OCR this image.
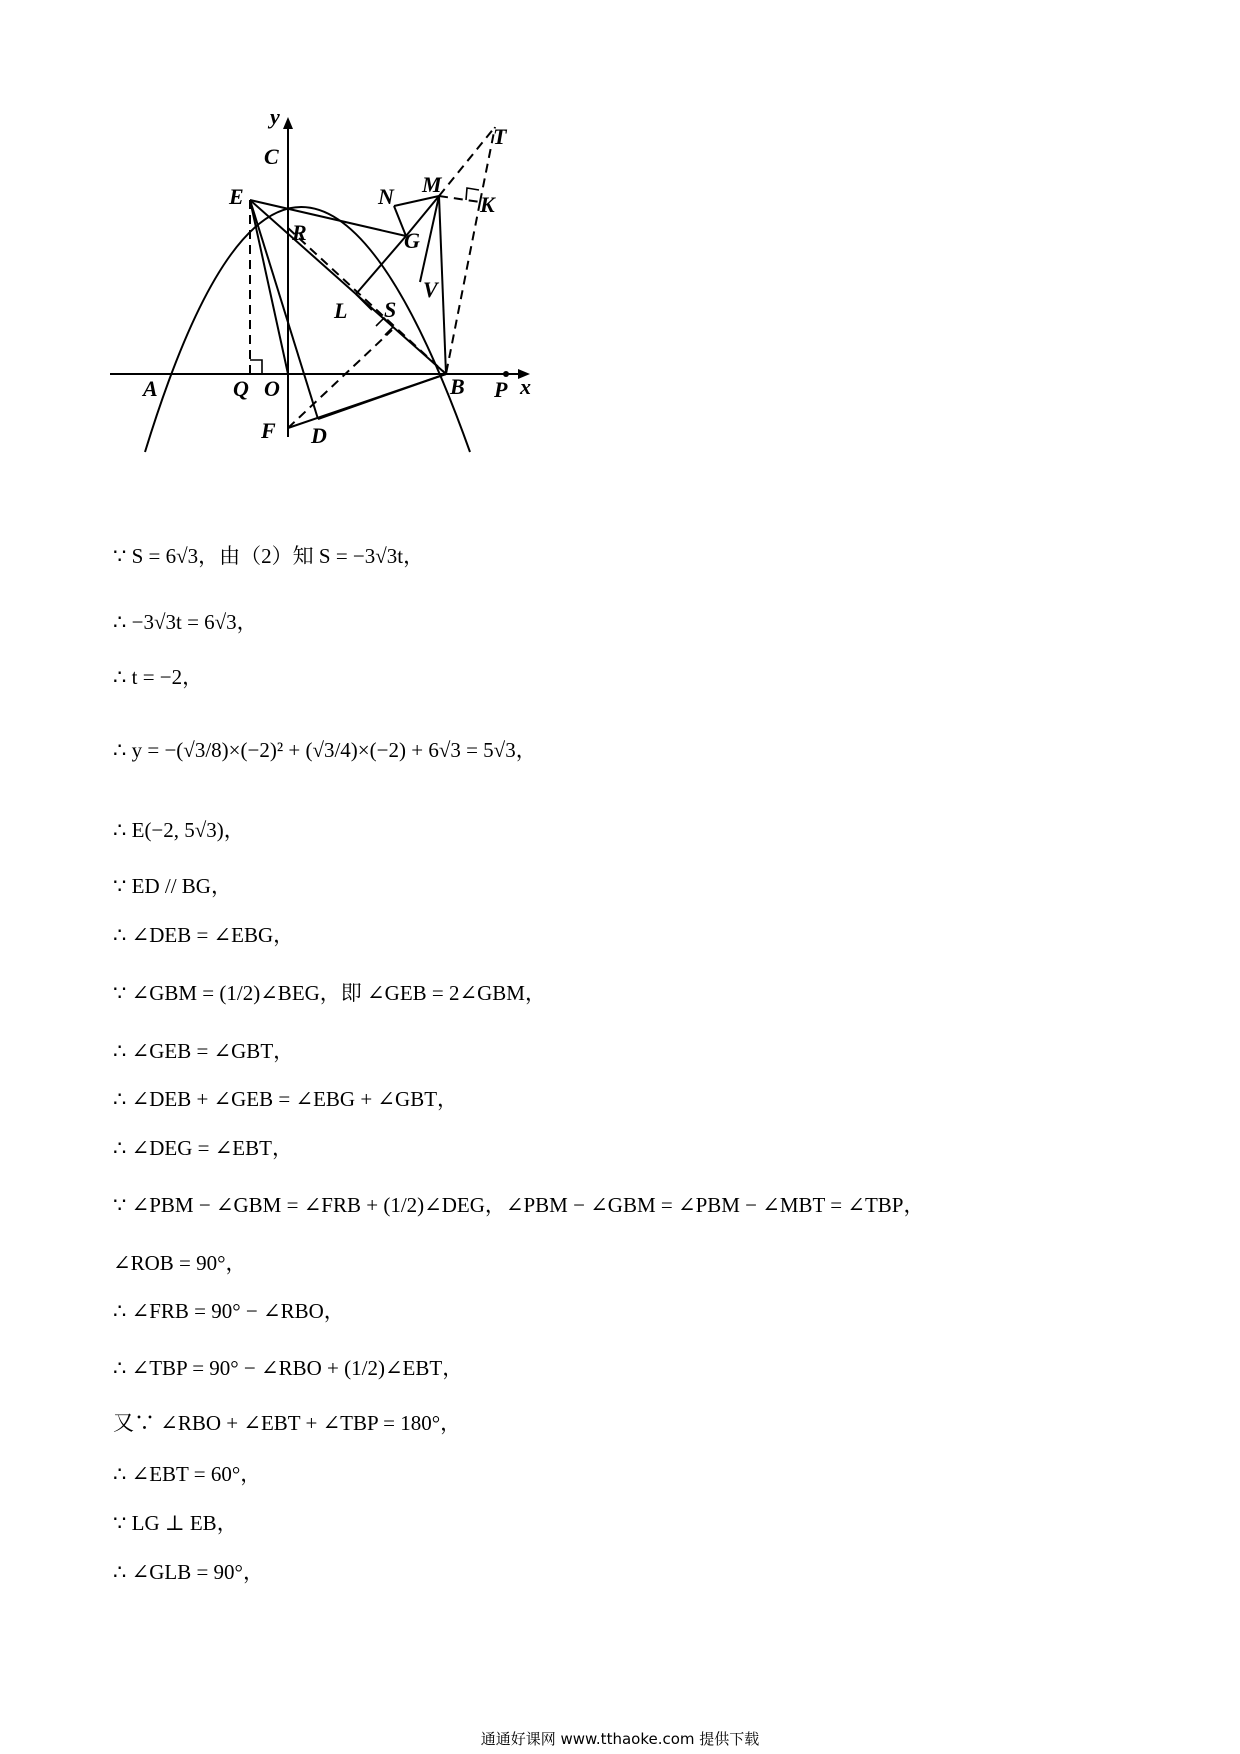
y
x
C
E	N M
T
K
R	G
L S
V
A	Q O	B P
F D
∵ S = 6√3，由（2）知 S = −3√3t，
∴ −3√3t = 6√3，
∴ t = −2，
∴ y = −(√3/8)×(−2)² + (√3/4)×(−2) + 6√3 = 5√3，
∴ E(−2, 5√3)，
∵ ED // BG，
∴ ∠DEB = ∠EBG，
∵ ∠GBM = (1/2)∠BEG，即 ∠GEB = 2∠GBM，
∴ ∠GEB = ∠GBT，
∴ ∠DEB + ∠GEB = ∠EBG + ∠GBT，
∴ ∠DEG = ∠EBT，
∵ ∠PBM − ∠GBM = ∠FRB + (1/2)∠DEG，∠PBM − ∠GBM = ∠PBM − ∠MBT = ∠TBP，
∠ROB = 90°，
∴ ∠FRB = 90° − ∠RBO，
∴ ∠TBP = 90° − ∠RBO + (1/2)∠EBT，
又∵ ∠RBO + ∠EBT + ∠TBP = 180°，
∴ ∠EBT = 60°，
∵ LG ⊥ EB，
∴ ∠GLB = 90°，
通通好课网 www.tthaoke.com 提供下载
